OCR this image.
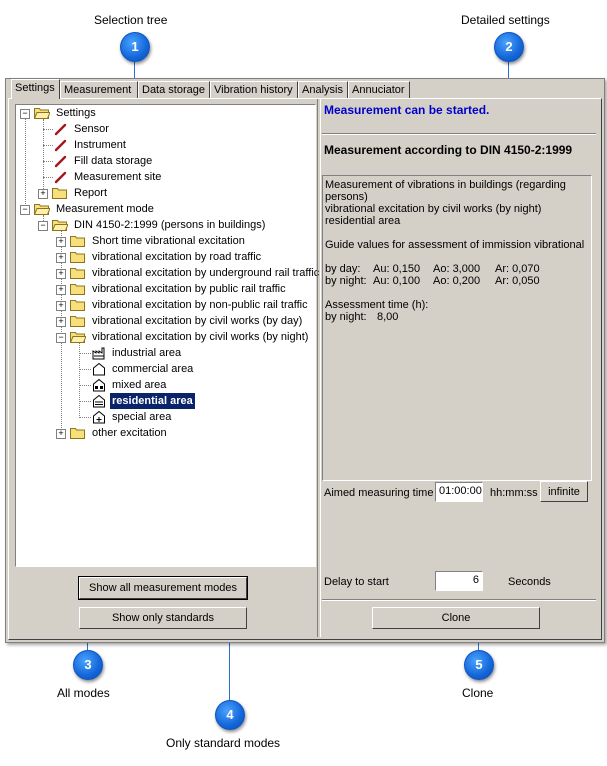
Selection tree	Detailed settings
All modes
Only standard modes
Clone
1	2
3
4
5
Settings Measurement Data storage Vibration history Analysis Annuciator
−	Settings
Sensor
Instrument
Fill data storage
Measurement site
+	Report
−	Measurement mode
−	DIN 4150-2:1999 (persons in buildings)
+	Short time vibrational excitation
+	vibrational excitation by road traffic
+	vibrational excitation by underground rail traffic
+	vibrational excitation by public rail traffic
+	vibrational excitation by non-public rail traffic
+	vibrational excitation by civil works (by day)
−	vibrational excitation by civil works (by night)
industrial area
commercial area
mixed area
residential area
special area
+	other excitation
Show all measurement modes
Show only standards
Measurement can be started.
Measurement according to DIN 4150-2:1999
Measurement of vibrations in buildings (regarding
persons)
vibrational excitation by civil works (by night)
residential area
Guide values for assessment of immission vibrational
by day: Au: 0,150 Ao: 3,000 Ar: 0,070
by night: Au: 0,100 Ao: 0,200 Ar: 0,050
Assessment time (h):
by night: 8,00
Aimed measuring time 01:00:00 hh:mm:ss infinite
Delay to start	6	Seconds
Clone
